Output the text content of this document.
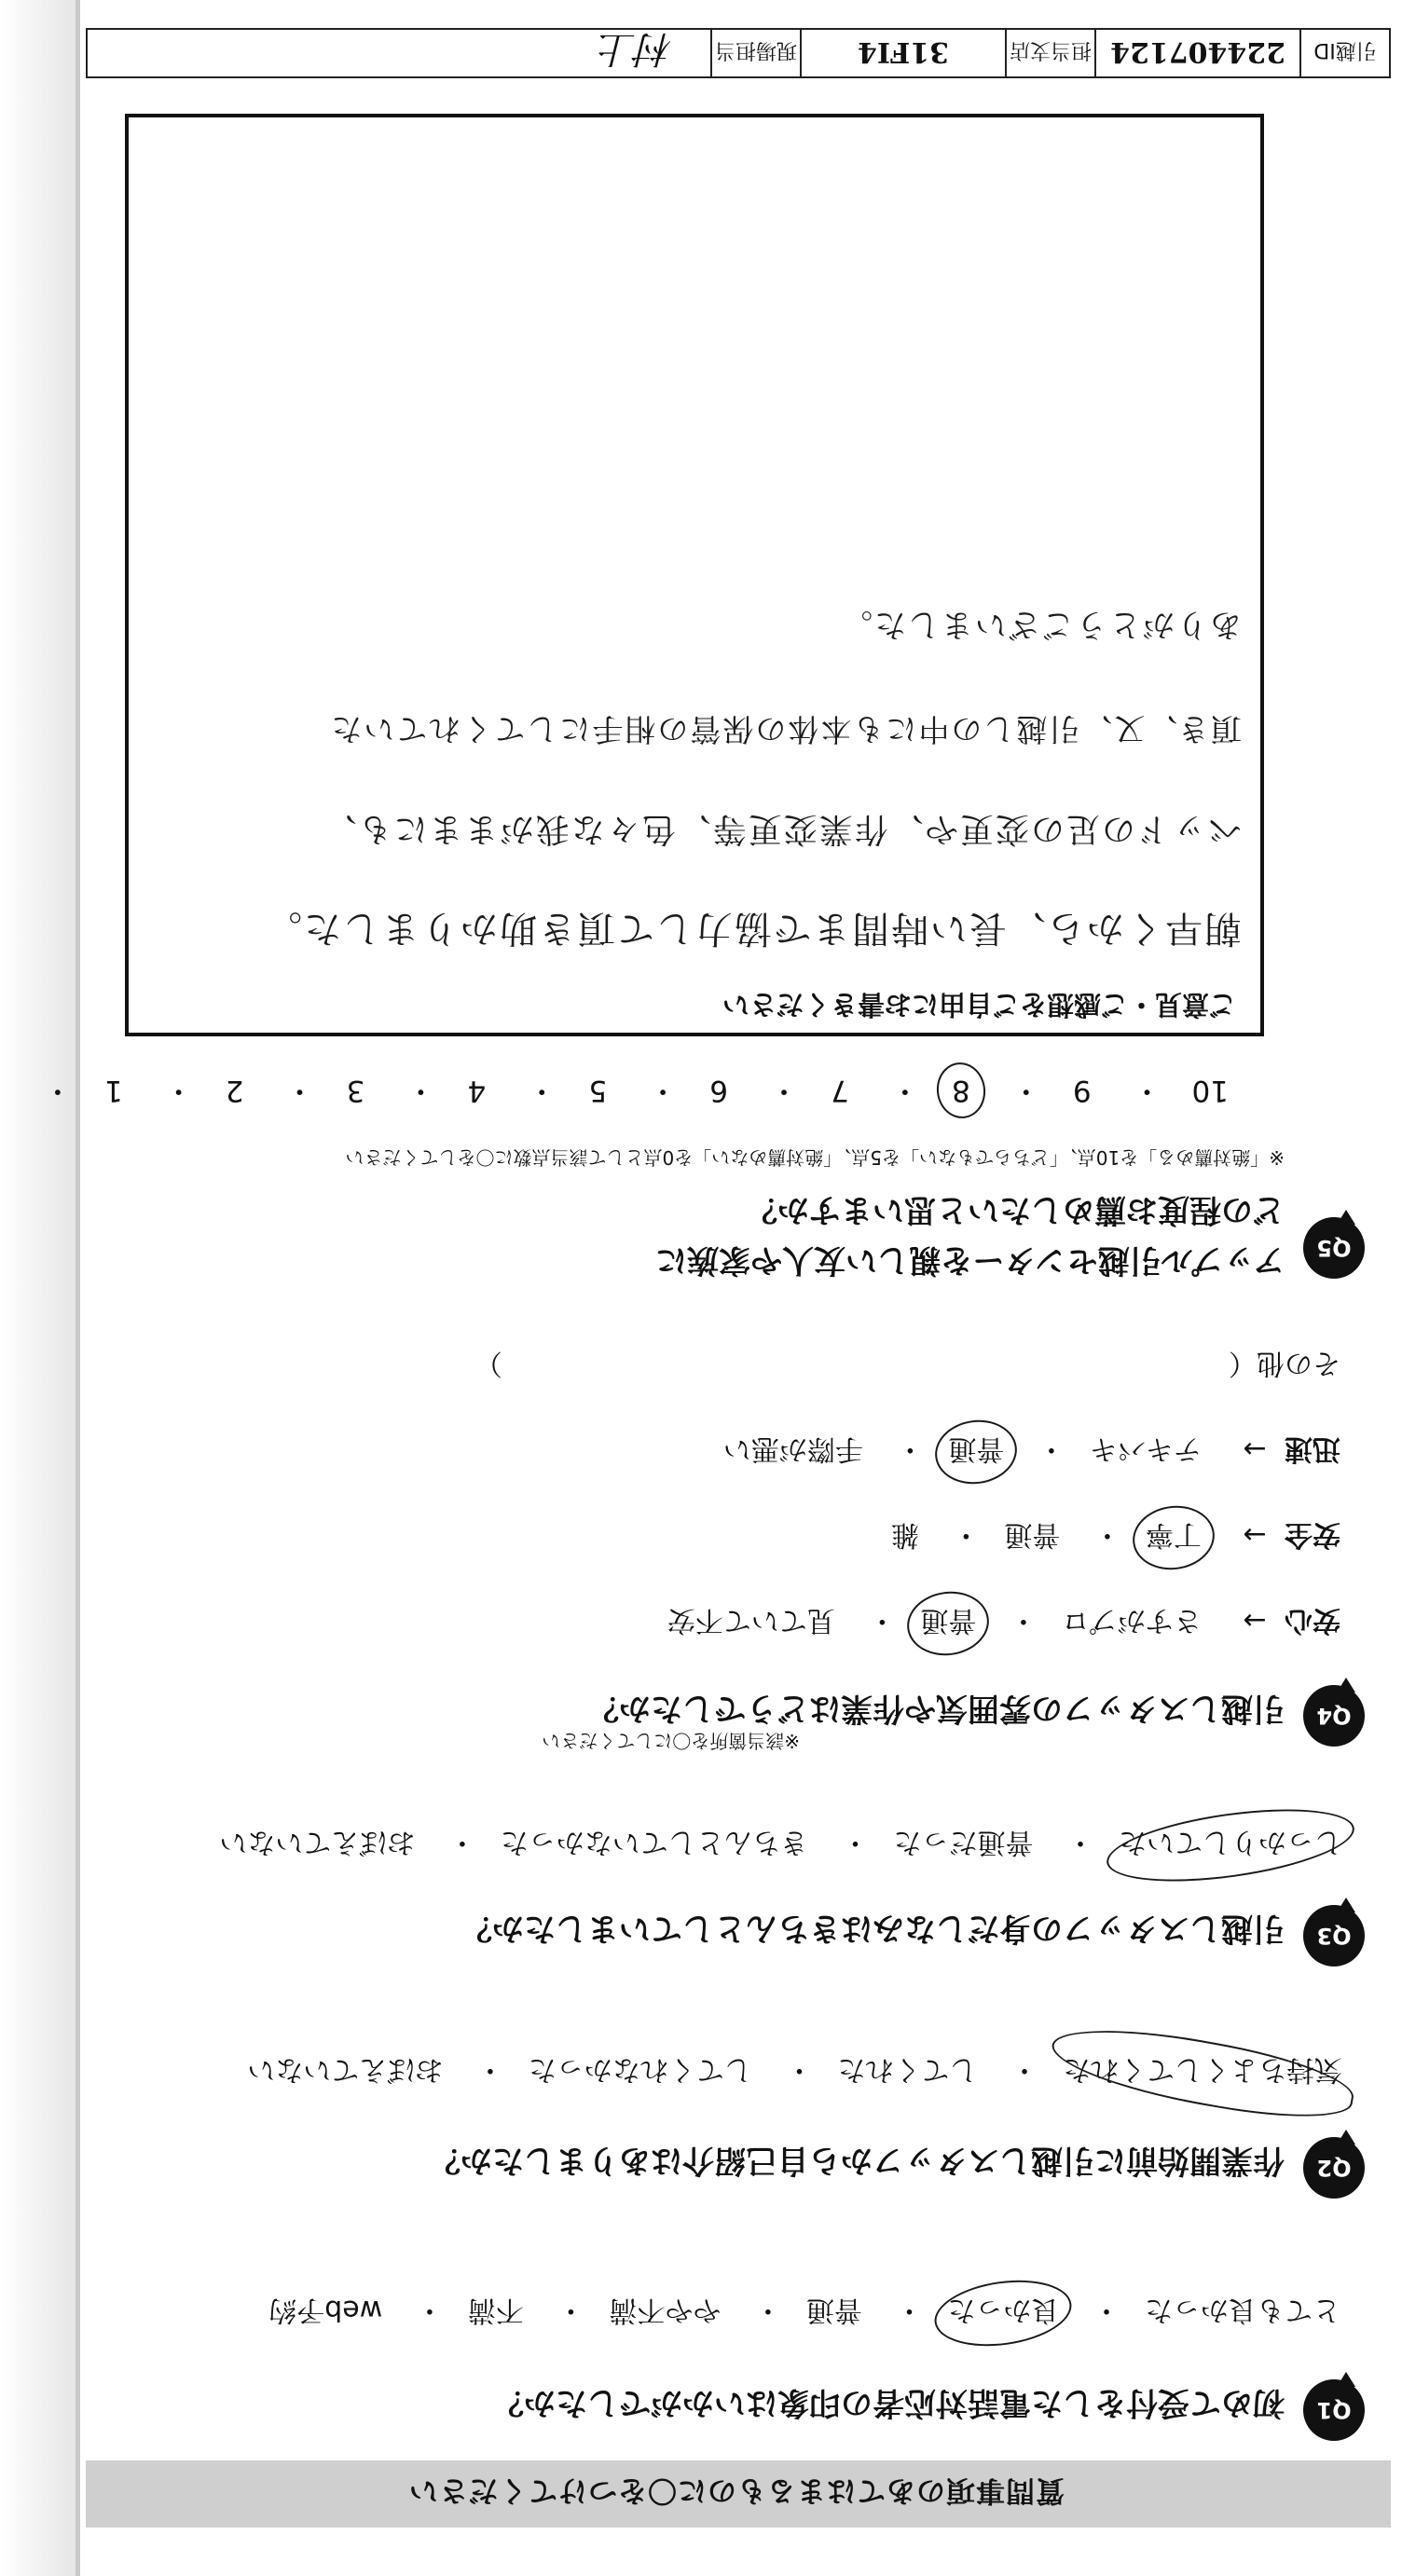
質問事項のあてはまるものに〇をつけてください
Q1
初めて受付をした電話対応者の印象はいかがでしたか？
とても良かった・ 良かった・ 普通・ やや不満・ 不満・ web予約
Q2
作業開始前に引越しスタッフから自己紹介はありましたか？
気持ちよくしてくれた・ してくれた・ してくれなかった・ おぼえていない
Q3
引越しスタッフの身だしなみはきちんとしていましたか？
しっかりしていた・ 普通だった・ きちんとしていなかった・ おぼえていない
Q4
引越しスタッフの雰囲気や作業はどうでしたか？
※該当箇所を〇にしてください
安心 → さすがプロ・ 普通・ 見ていて不安
安全 → 丁寧・ 普通・ 雑
迅速 → テキパキ・ 普通・ 手際が悪い
その他（  ）
Q5
アップル引越センターを親しい友人や家族に
どの程度お薦めしたいと思いますか？
※「絶対薦める」を10点、「どちらでもない」を5点、「絶対薦めない」を0点として該当点数に〇をしてください
10・ 9・ 8・ 7・ 6・ 5・ 4・ 3・ 2・ 1・
ご意見・ご感想をご自由にお書きください
朝早くから、長い時間まで協力して頂き助かりました。
ベッドの足の変更や、作業変更等、色々な我がままにも、
頂き、又、引越しの中にも本体の保管の相手にしてくれていた
ありがとうございました。
引越ID
224407124
担当支店
31FI4
現場担当
村上
